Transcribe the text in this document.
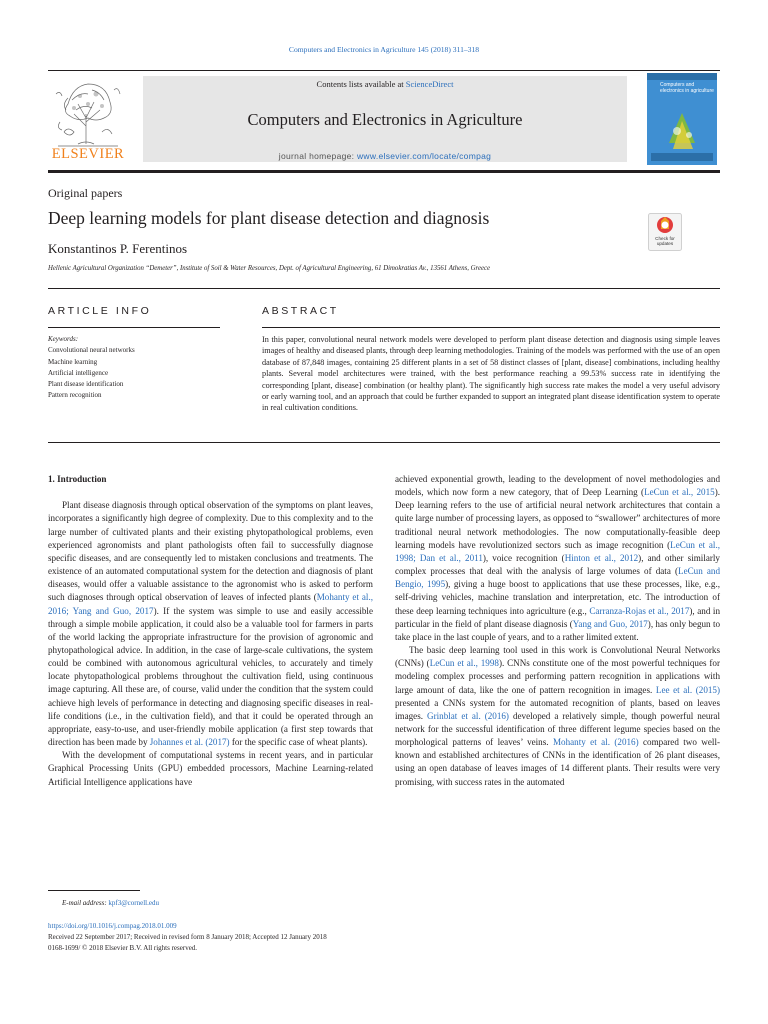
Computers and Electronics in Agriculture 145 (2018) 311–318
Contents lists available at ScienceDirect
Computers and Electronics in Agriculture
journal homepage: www.elsevier.com/locate/compag
ELSEVIER
Computers and electronics in agriculture
Original papers
Deep learning models for plant disease detection and diagnosis
Konstantinos P. Ferentinos
Hellenic Agricultural Organization “Demeter”, Institute of Soil & Water Resources, Dept. of Agricultural Engineering, 61 Dimokratias Av., 13561 Athens, Greece
Check for updates
ARTICLE INFO	ABSTRACT
Keywords:
Convolutional neural networks
Machine learning
Artificial intelligence
Plant disease identification
Pattern recognition
In this paper, convolutional neural network models were developed to perform plant disease detection and diagnosis using simple leaves images of healthy and diseased plants, through deep learning methodologies. Training of the models was performed with the use of an open database of 87,848 images, containing 25 different plants in a set of 58 distinct classes of [plant, disease] combinations, including healthy plants. Several model architectures were trained, with the best performance reaching a 99.53% success rate in identifying the corresponding [plant, disease] combination (or healthy plant). The significantly high success rate makes the model a very useful advisory or early warning tool, and an approach that could be further expanded to support an integrated plant disease identification system to operate in real cultivation conditions.
1. Introduction

Plant disease diagnosis through optical observation of the symptoms on plant leaves, incorporates a significantly high degree of complexity. Due to this complexity and to the large number of cultivated plants and their existing phytopathological problems, even experienced agronomists and plant pathologists often fail to successfully diagnose specific diseases, and are consequently led to mistaken conclusions and treatments. The existence of an automated computational system for the detection and diagnosis of plant diseases, would offer a valuable assistance to the agronomist who is asked to perform such diagnoses through optical observation of leaves of infected plants (Mohanty et al., 2016; Yang and Guo, 2017). If the system was simple to use and easily accessible through a simple mobile application, it could also be a valuable tool for farmers in parts of the world lacking the appropriate infrastructure for the provision of agronomic and phytopathological advice. In addition, in the case of large-scale cultivations, the system could be combined with autonomous agricultural vehicles, to accurately and timely locate phytopathological problems throughout the cultivation field, using continuous image capturing. All these are, of course, valid under the condition that the system could achieve high levels of performance in detecting and diagnosing specific diseases in real-life conditions (i.e., in the cultivation field), and that it could be operated through an appropriate, easy-to-use, and user-friendly mobile application (a first step towards that direction has been made by Johannes et al. (2017) for the specific case of wheat plants).

With the development of computational systems in recent years, and in particular Graphical Processing Units (GPU) embedded processors, Machine Learning-related Artificial Intelligence applications have

achieved exponential growth, leading to the development of novel methodologies and models, which now form a new category, that of Deep Learning (LeCun et al., 2015). Deep learning refers to the use of artificial neural network architectures that contain a quite large number of processing layers, as opposed to “swallower” architectures of more traditional neural network methodologies. The now computationally-feasible deep learning models have revolutionized sectors such as image recognition (LeCun et al., 1998; Dan et al., 2011), voice recognition (Hinton et al., 2012), and other similarly complex processes that deal with the analysis of large volumes of data (LeCun and Bengio, 1995), giving a huge boost to applications that use these processes, like, e.g., self-driving vehicles, machine translation and interpretation, etc. The introduction of these deep learning techniques into agriculture (e.g., Carranza-Rojas et al., 2017), and in particular in the field of plant disease diagnosis (Yang and Guo, 2017), has only begun to take place in the last couple of years, and to a rather limited extent.

The basic deep learning tool used in this work is Convolutional Neural Networks (CNNs) (LeCun et al., 1998). CNNs constitute one of the most powerful techniques for modeling complex processes and performing pattern recognition in applications with large amount of data, like the one of pattern recognition in images. Lee et al. (2015) presented a CNNs system for the automated recognition of plants, based on leaves images. Grinblat et al. (2016) developed a relatively simple, though powerful neural network for the successful identification of three different legume species based on the morphological patterns of leaves’ veins. Mohanty et al. (2016) compared two well-known and established architectures of CNNs in the identification of 26 plant diseases, using an open database of leaves images of 14 different plants. Their results were very promising, with success rates in the automated

E-mail address: kpf3@cornell.edu
https://doi.org/10.1016/j.compag.2018.01.009
Received 22 September 2017; Received in revised form 8 January 2018; Accepted 12 January 2018
0168-1699/ © 2018 Elsevier B.V. All rights reserved.
